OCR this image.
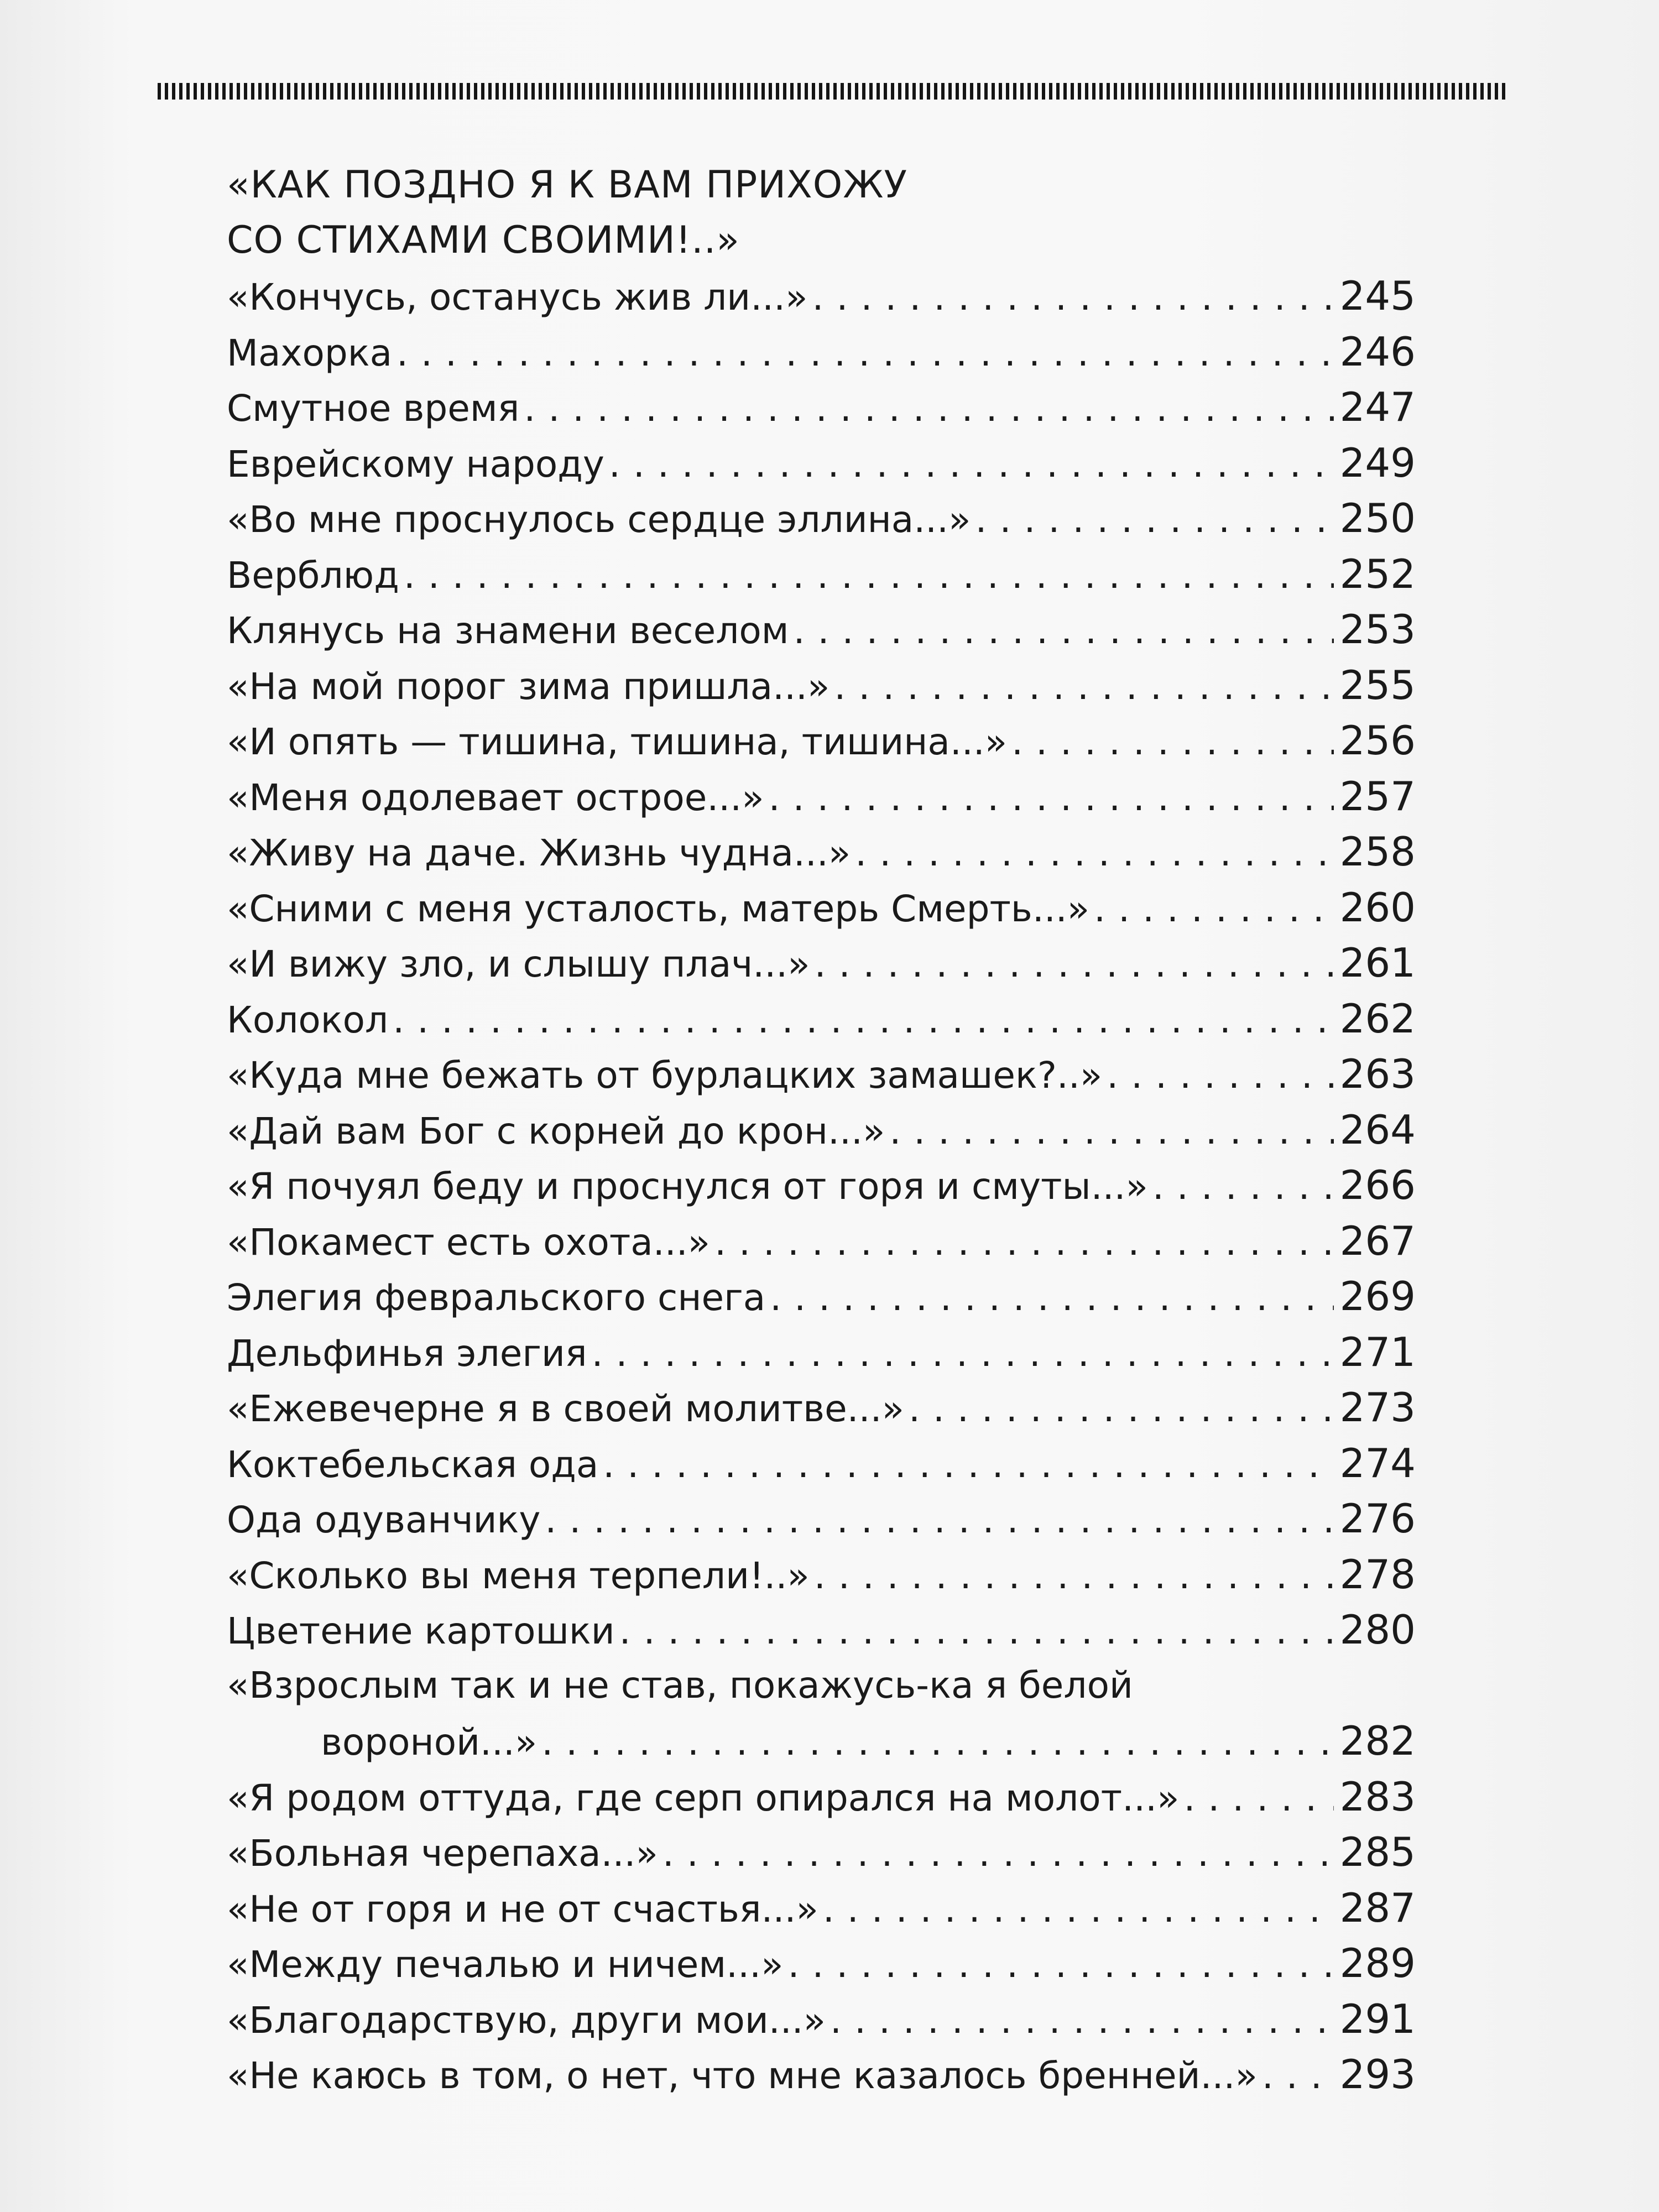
«КАК ПОЗДНО Я К ВАМ ПРИХОЖУ
СО СТИХАМИ СВОИМИ!..»
«Кончусь, останусь жив ли...» . . .	245
Махорка . . .	246
Смутное время . . .	247
Еврейскому народу . . .	249
«Во мне проснулось сердце эллина...» . . .	250
Верблюд . . .	252
Клянусь на знамени веселом . . .	253
«На мой порог зима пришла...» . . .	255
«И опять — тишина, тишина, тишина...» . . .	256
«Меня одолевает острое...» . . .	257
«Живу на даче. Жизнь чудна...» . . .	258
«Сними с меня усталость, матерь Смерть...» . . .	260
«И вижу зло, и слышу плач...» . . .	261
Колокол . . .	262
«Куда мне бежать от бурлацких замашек?..» . . .	263
«Дай вам Бог с корней до крон...» . . .	264
«Я почуял беду и проснулся от горя и смуты...» . . .	266
«Покамест есть охота...» . . .	267
Элегия февральского снега . . .	269
Дельфинья элегия . . .	271
«Ежевечерне я в своей молитве...» . . .	273
Коктебельская ода . . .	274
Ода одуванчику . . .	276
«Сколько вы меня терпели!..» . . .	278
Цветение картошки . . .	280
«Взрослым так и не став, покажусь-ка я белой
вороной...» . . .	282
«Я родом оттуда, где серп опирался на молот...» . . .	283
«Больная черепаха...» . . .	285
«Не от горя и не от счастья...» . . .	287
«Между печалью и ничем...» . . .	289
«Благодарствую, други мои...» . . .	291
«Не каюсь в том, о нет, что мне казалось бренней...» . . . 293
